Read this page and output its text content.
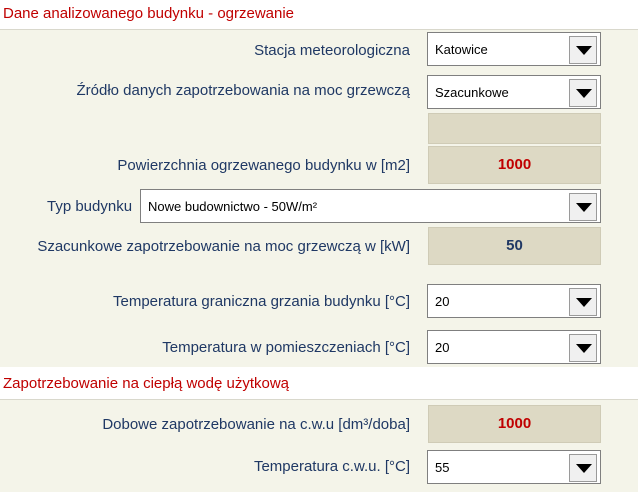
Dane analizowanego budynku - ogrzewanie
Stacja meteorologiczna Katowice
Źródło danych zapotrzebowania na moc grzewczą Szacunkowe
Powierzchnia ogrzewanego budynku w [m2]	1000
Typ budynku Nowe budownictwo - 50W/m²
Szacunkowe zapotrzebowanie na moc grzewczą w [kW]	50
Temperatura graniczna grzania budynku [°C] 20
Temperatura w pomieszczeniach [°C] 20
Zapotrzebowanie na ciepłą wodę użytkową
Dobowe zapotrzebowanie na c.w.u [dm³/doba]	1000
Temperatura c.w.u. [°C] 55
